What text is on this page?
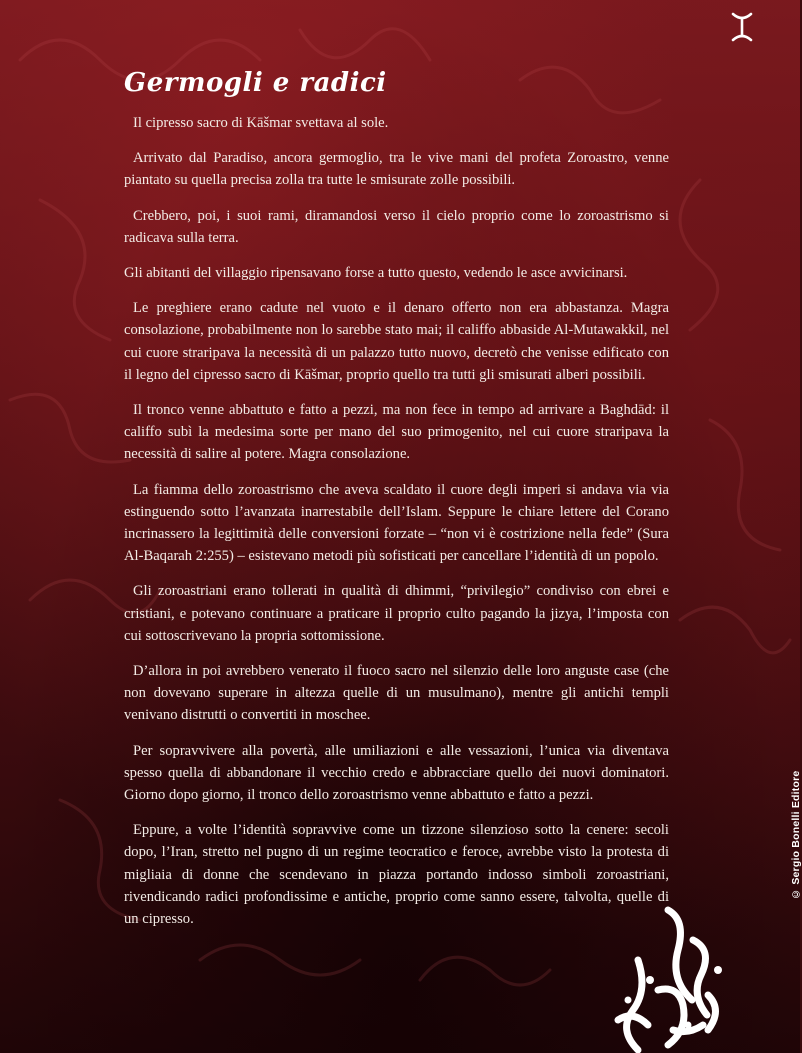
Germogli e radici

Il cipresso sacro di Kāšmar svettava al sole.

Arrivato dal Paradiso, ancora germoglio, tra le vive mani del profeta Zoroastro, venne piantato su quella precisa zolla tra tutte le smisurate zolle possibili.

Crebbero, poi, i suoi rami, diramandosi verso il cielo proprio come lo zoroastrismo si radicava sulla terra.

Gli abitanti del villaggio ripensavano forse a tutto questo, vedendo le asce avvicinarsi.

Le preghiere erano cadute nel vuoto e il denaro offerto non era abbastanza. Magra consolazione, probabilmente non lo sarebbe stato mai; il califfo abbaside Al-Mutawakkil, nel cui cuore straripava la necessità di un palazzo tutto nuovo, decretò che venisse edificato con il legno del cipresso sacro di Kāšmar, proprio quello tra tutti gli smisurati alberi possibili.

Il tronco venne abbattuto e fatto a pezzi, ma non fece in tempo ad arrivare a Baghdād: il califfo subì la medesima sorte per mano del suo primogenito, nel cui cuore straripava la necessità di salire al potere. Magra consolazione.

La fiamma dello zoroastrismo che aveva scaldato il cuore degli imperi si andava via via estinguendo sotto l’avanzata inarrestabile dell’Islam. Seppure le chiare lettere del Corano incrinassero la legittimità delle conversioni forzate – “non vi è costrizione nella fede” (Sura Al-Baqarah 2:255) – esistevano metodi più sofisticati per cancellare l’identità di un popolo.

Gli zoroastriani erano tollerati in qualità di dhimmi, “privilegio” condiviso con ebrei e cristiani, e potevano continuare a praticare il proprio culto pagando la jizya, l’imposta con cui sottoscrivevano la propria sottomissione.

D’allora in poi avrebbero venerato il fuoco sacro nel silenzio delle loro anguste case (che non dovevano superare in altezza quelle di un musulmano), mentre gli antichi templi venivano distrutti o convertiti in moschee.

Per sopravvivere alla povertà, alle umiliazioni e alle vessazioni, l’unica via diventava spesso quella di abbandonare il vecchio credo e abbracciare quello dei nuovi dominatori. Giorno dopo giorno, il tronco dello zoroastrismo venne abbattuto e fatto a pezzi.

Eppure, a volte l’identità sopravvive come un tizzone silenzioso sotto la cenere: secoli dopo, l’Iran, stretto nel pugno di un regime teocratico e feroce, avrebbe visto la protesta di migliaia di donne che scendevano in piazza portando indosso simboli zoroastriani, rivendicando radici profondissime e antiche, proprio come sanno essere, talvolta, quelle di un cipresso.

© Sergio Bonelli Editore
